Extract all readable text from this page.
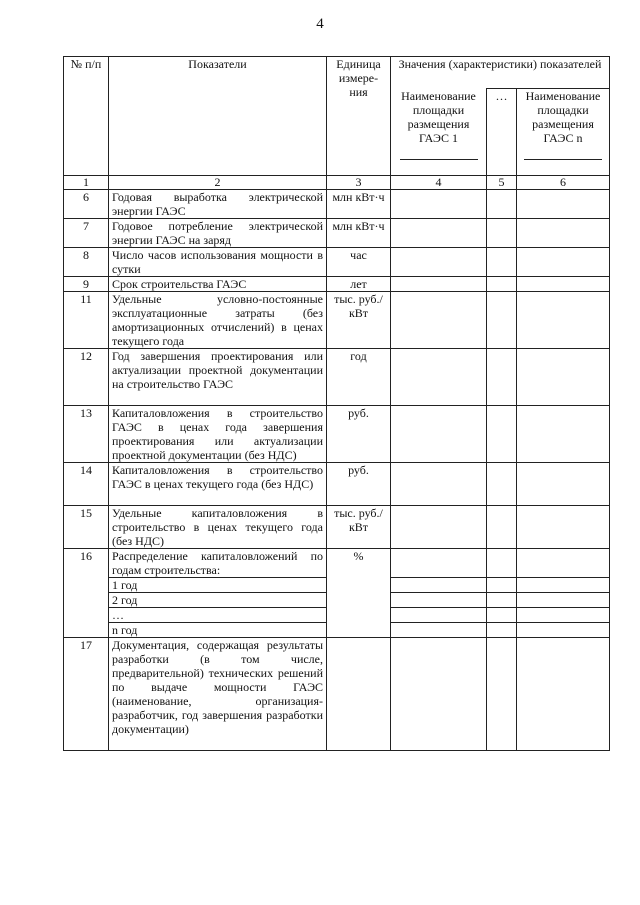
4
№ п/п	Показатели	Единица измере-ния	Значения (характеристики) показателей		
			Наименование площадки размещения ГАЭС 1	…	Наименование площадки размещения ГАЭС n

1	2	3	4	5	6
6	Годовая выработка электрической энергии ГАЭС	млн кВт·ч			
7	Годовое потребление электрической энергии ГАЭС на заряд	млн кВт·ч			
8	Число часов использования мощности в сутки	час			
9	Срок строительства ГАЭС	лет			
11	Удельные условно-постоянные эксплуатационные затраты (без амортизационных отчислений) в ценах текущего года	тыс. руб./кВт			
12	Год завершения проектирования или актуализации проектной документации на строительство ГАЭС	год			
13	Капиталовложения в строительство ГАЭС в ценах года завершения проектирования или актуализации проектной документации (без НДС)	руб.			
14	Капиталовложения в строительство ГАЭС в ценах текущего года (без НДС)	руб.			
15	Удельные капиталовложения в строительство в ценах текущего года (без НДС)	тыс. руб./кВт			
16	Распределение капиталовложений по годам строительства:	%			
	1 год				
	2 год				
	…				
	n год				
17	Документация, содержащая результаты разработки (в том числе, предварительной) технических решений по выдаче мощности ГАЭС (наименование, организация-разработчик, год завершения разработки документации)				
